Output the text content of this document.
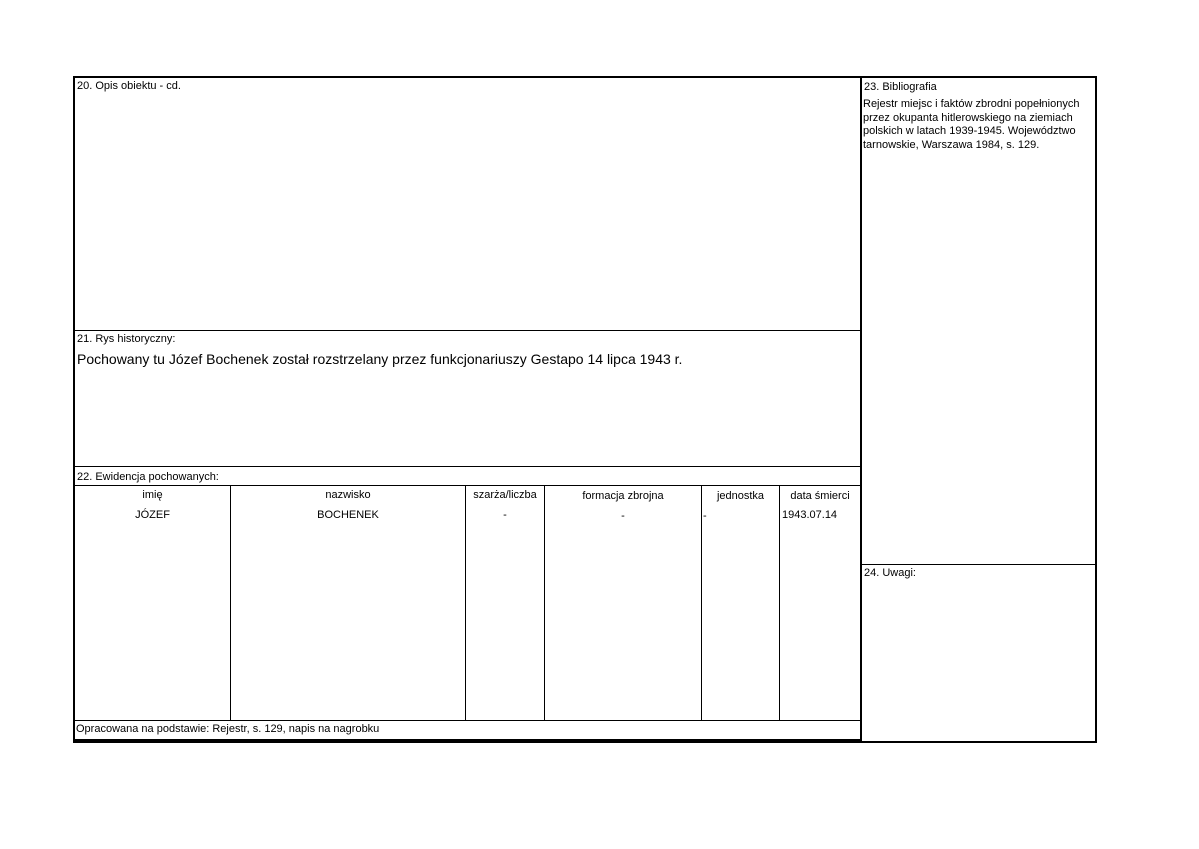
20. Opis obiektu - cd.
21. Rys historyczny:
Pochowany tu Józef Bochenek został rozstrzelany przez funkcjonariuszy Gestapo 14 lipca 1943 r.
22. Ewidencja pochowanych:
23. Bibliografia
Rejestr miejsc i faktów zbrodni popełnionych przez okupanta hitlerowskiego na ziemiach polskich w latach 1939-1945. Województwo tarnowskie, Warszawa 1984, s. 129.
24. Uwagi:
Opracowana na podstawie: Rejestr, s. 129, napis na nagrobku
imię	nazwisko	szarża/liczba	formacja zbrojna	jednostka	data śmierci
JÓZEF	BOCHENEK	-	-	-	1943.07.14
